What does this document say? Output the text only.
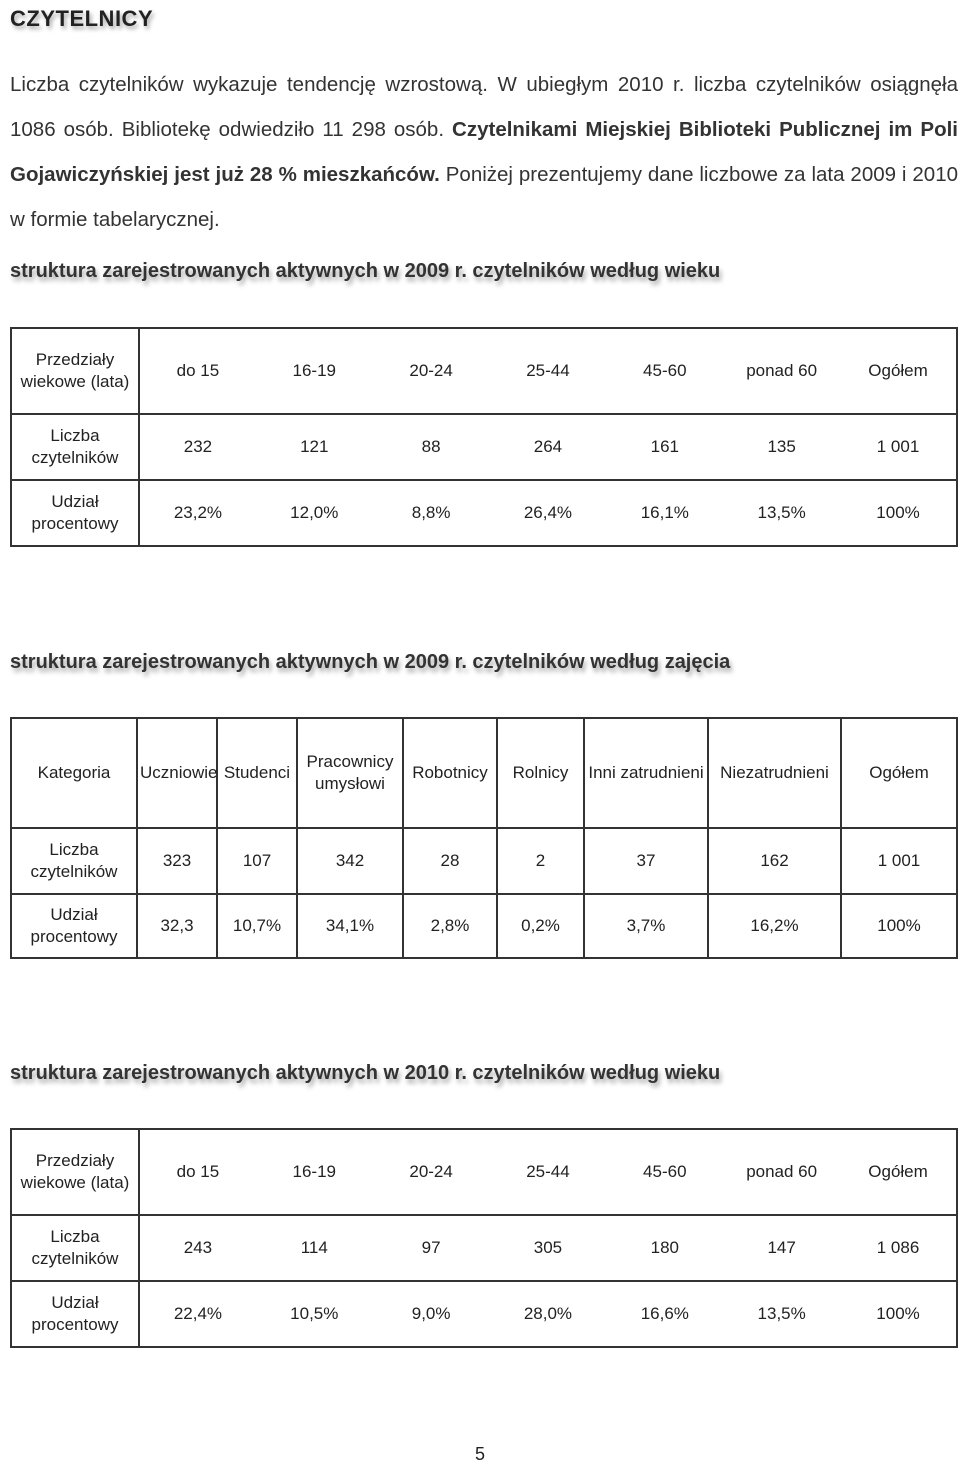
CZYTELNICY

Liczba czytelników wykazuje tendencję wzrostową. W ubiegłym 2010 r. liczba czytelników osiągnęła 1086 osób. Bibliotekę odwiedziło 11 298 osób. Czytelnikami Miejskiej Biblioteki Publicznej im Poli Gojawiczyńskiej jest już 28 % mieszkańców. Poniżej prezentujemy dane liczbowe za lata 2009 i 2010 w formie tabelarycznej.

struktura zarejestrowanych aktywnych w 2009 r. czytelników według wieku
Przedziały wiekowe (lata)	do 15	16-19	20-24	25-44	45-60	ponad 60	Ogółem
Liczba czytelników	232	121	88	264	161	135	1 001
Udział procentowy	23,2%	12,0%	8,8%	26,4%	16,1%	13,5%	100%
struktura zarejestrowanych aktywnych w 2009 r. czytelników według zajęcia
Kategoria	Uczniowie	Studenci	Pracownicy umysłowi	Robotnicy	Rolnicy	Inni zatrudnieni	Niezatrudnieni	Ogółem
Liczba czytelników	323	107	342	28	2	37	162	1 001
Udział procentowy	32,3	10,7%	34,1%	2,8%	0,2%	3,7%	16,2%	100%
struktura zarejestrowanych aktywnych w 2010 r. czytelników według wieku
Przedziały wiekowe (lata)	do 15	16-19	20-24	25-44	45-60	ponad 60	Ogółem
Liczba czytelników	243	114	97	305	180	147	1 086
Udział procentowy	22,4%	10,5%	9,0%	28,0%	16,6%	13,5%	100%
5
